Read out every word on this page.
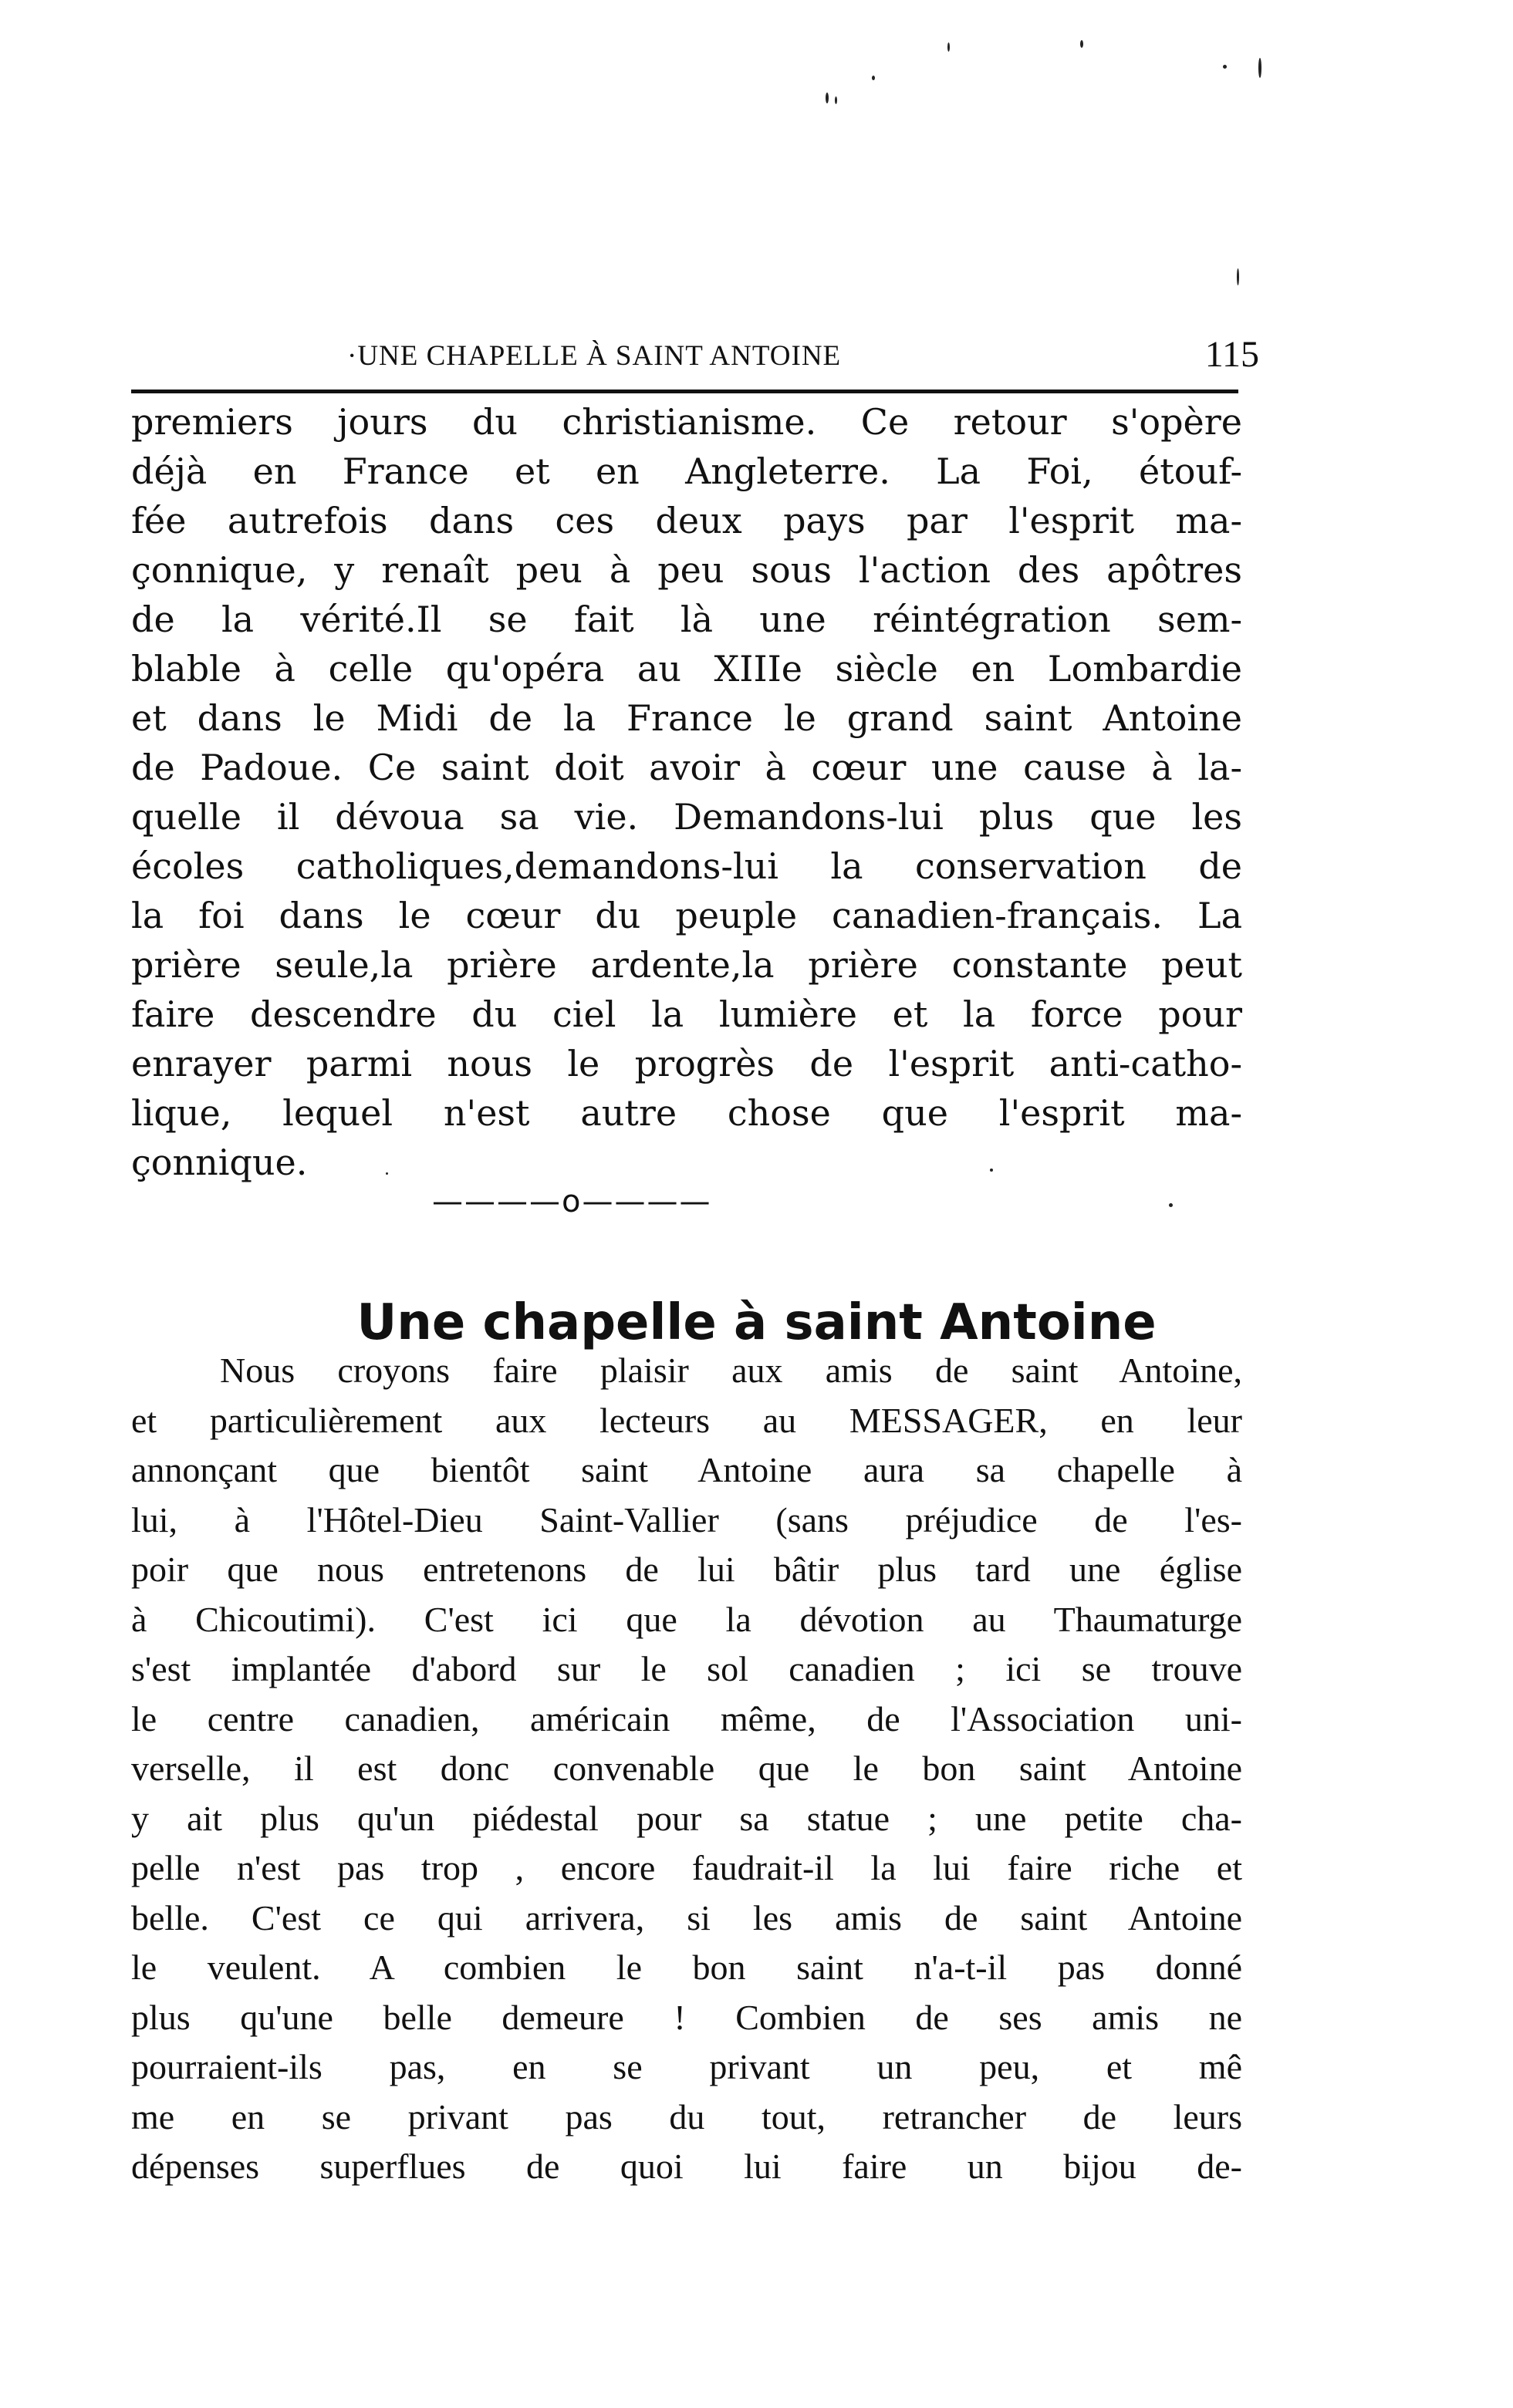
·UNE CHAPELLE À SAINT ANTOINE	115
premiers jours du christianisme. Ce retour s'opère
déjà en France et en Angleterre. La Foi, étouf-
fée autrefois dans ces deux pays par l'esprit ma-
çonnique, y renaît peu à peu sous l'action des apôtres
de la vérité.Il se fait là une réintégration sem-
blable à celle qu'opéra au XIIIe siècle en Lombardie
et dans le Midi de la France le grand saint Antoine
de Padoue. Ce saint doit avoir à cœur une cause à la-
quelle il dévoua sa vie. Demandons-lui plus que les
écoles catholiques,demandons-lui la conservation de
la foi dans le cœur du peuple canadien-français. La
prière seule,la prière ardente,la prière constante peut
faire descendre du ciel la lumière et la force pour
enrayer parmi nous le progrès de l'esprit anti-catho-
lique, lequel n'est autre chose que l'esprit ma-
çonnique.
————o————
Une chapelle à saint Antoine
Nous croyons faire plaisir aux amis de saint Antoine,
et particulièrement aux lecteurs au MESSAGER, en leur
annonçant que bientôt saint Antoine aura sa chapelle à
lui, à l'Hôtel-Dieu Saint-Vallier (sans préjudice de l'es-
poir que nous entretenons de lui bâtir plus tard une église
à Chicoutimi). C'est ici que la dévotion au Thaumaturge
s'est implantée d'abord sur le sol canadien ; ici se trouve
le centre canadien, américain même, de l'Association uni-
verselle, il est donc convenable que le bon saint Antoine
y ait plus qu'un piédestal pour sa statue ; une petite cha-
pelle n'est pas trop , encore faudrait-il la lui faire riche et
belle. C'est ce qui arrivera, si les amis de saint Antoine
le veulent. A combien le bon saint n'a-t-il pas donné
plus qu'une belle demeure ! Combien de ses amis ne
pourraient-ils pas, en se privant un peu, et mê
me en se privant pas du tout, retrancher de leurs
dépenses superflues de quoi lui faire un bijou de-
